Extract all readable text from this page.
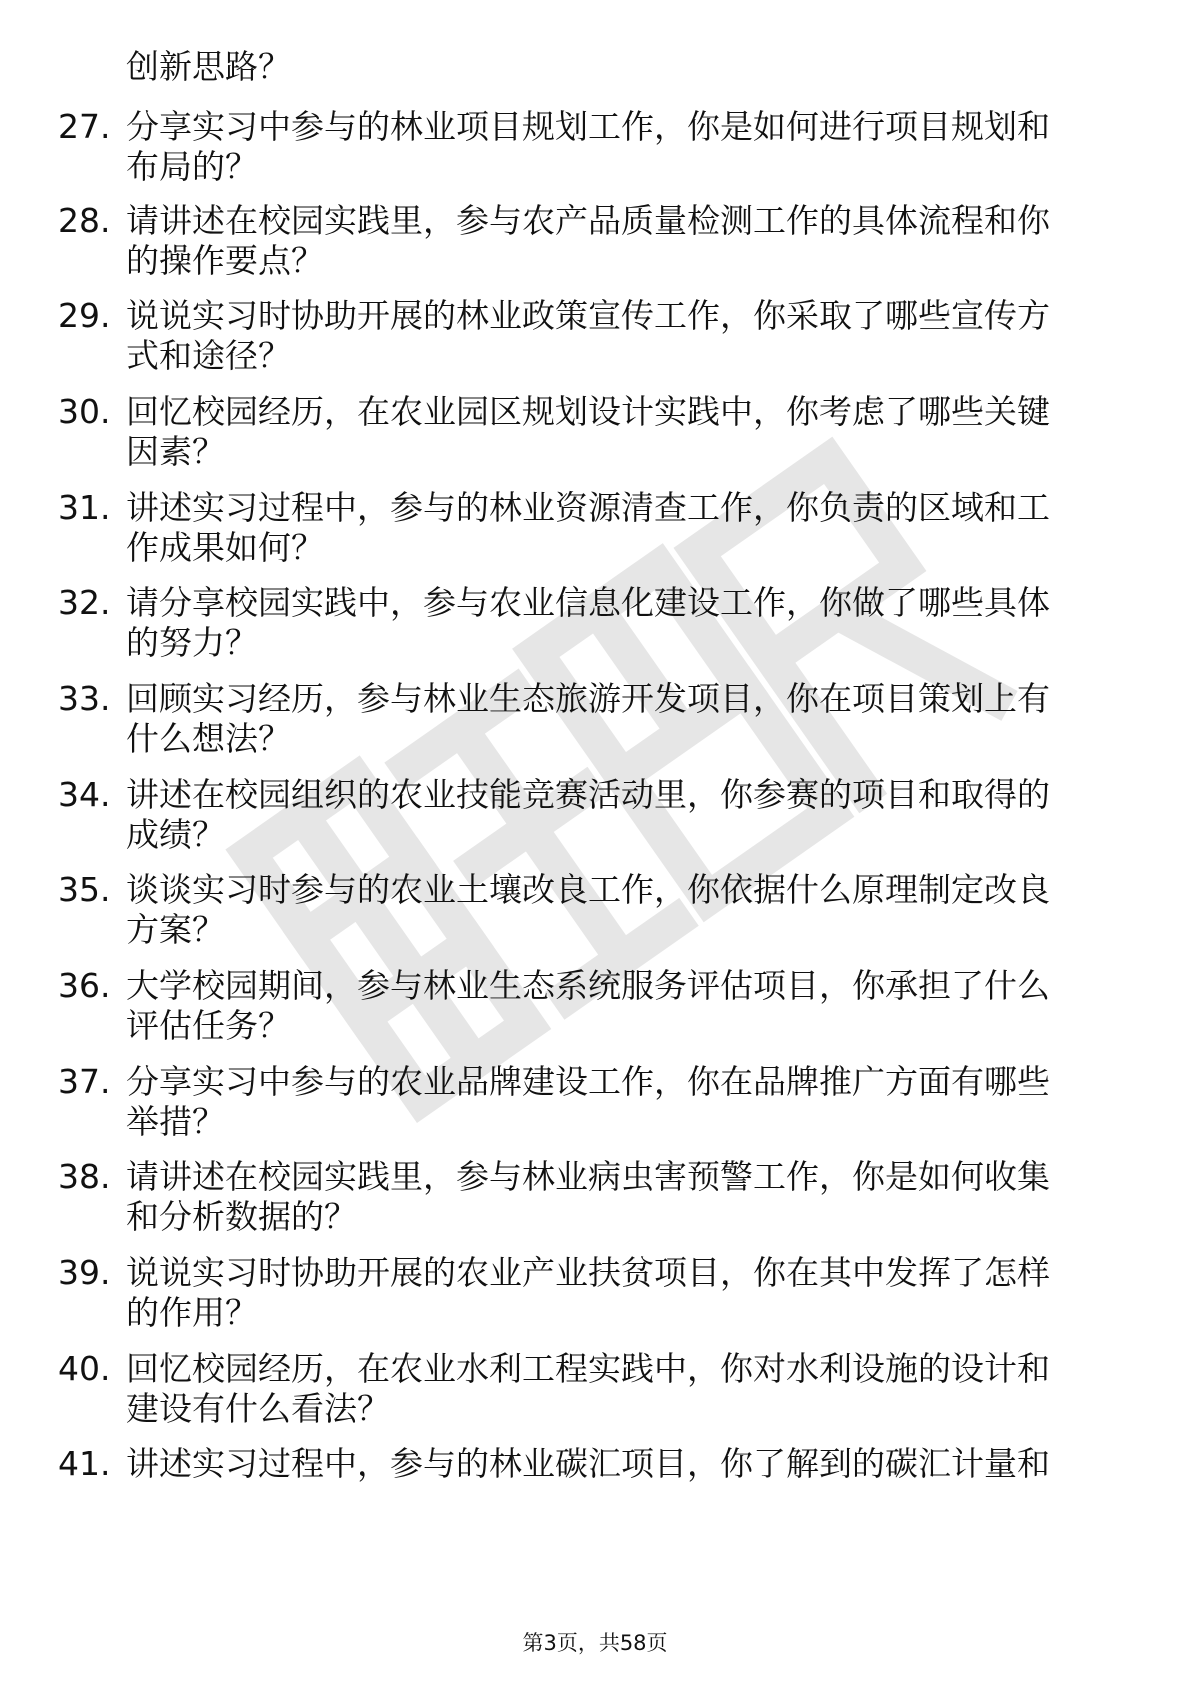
创新思路？
27. 分享实习中参与的林业项目规划工作，你是如何进行项目规划和
布局的？
28. 请讲述在校园实践里，参与农产品质量检测工作的具体流程和你
的操作要点？
29. 说说实习时协助开展的林业政策宣传工作，你采取了哪些宣传方
式和途径？
30. 回忆校园经历，在农业园区规划设计实践中，你考虑了哪些关键
因素？
31. 讲述实习过程中，参与的林业资源清查工作，你负责的区域和工
作成果如何？
32. 请分享校园实践中，参与农业信息化建设工作，你做了哪些具体
的努力？
33. 回顾实习经历，参与林业生态旅游开发项目，你在项目策划上有
什么想法？
34. 讲述在校园组织的农业技能竞赛活动里，你参赛的项目和取得的
成绩？
35. 谈谈实习时参与的农业土壤改良工作，你依据什么原理制定改良
方案？
36. 大学校园期间，参与林业生态系统服务评估项目，你承担了什么
评估任务？
37. 分享实习中参与的农业品牌建设工作，你在品牌推广方面有哪些
举措？
38. 请讲述在校园实践里，参与林业病虫害预警工作，你是如何收集
和分析数据的？
39. 说说实习时协助开展的农业产业扶贫项目，你在其中发挥了怎样
的作用？
40. 回忆校园经历，在农业水利工程实践中，你对水利设施的设计和
建设有什么看法？
41. 讲述实习过程中，参与的林业碳汇项目，你了解到的碳汇计量和
第3页，共58页
